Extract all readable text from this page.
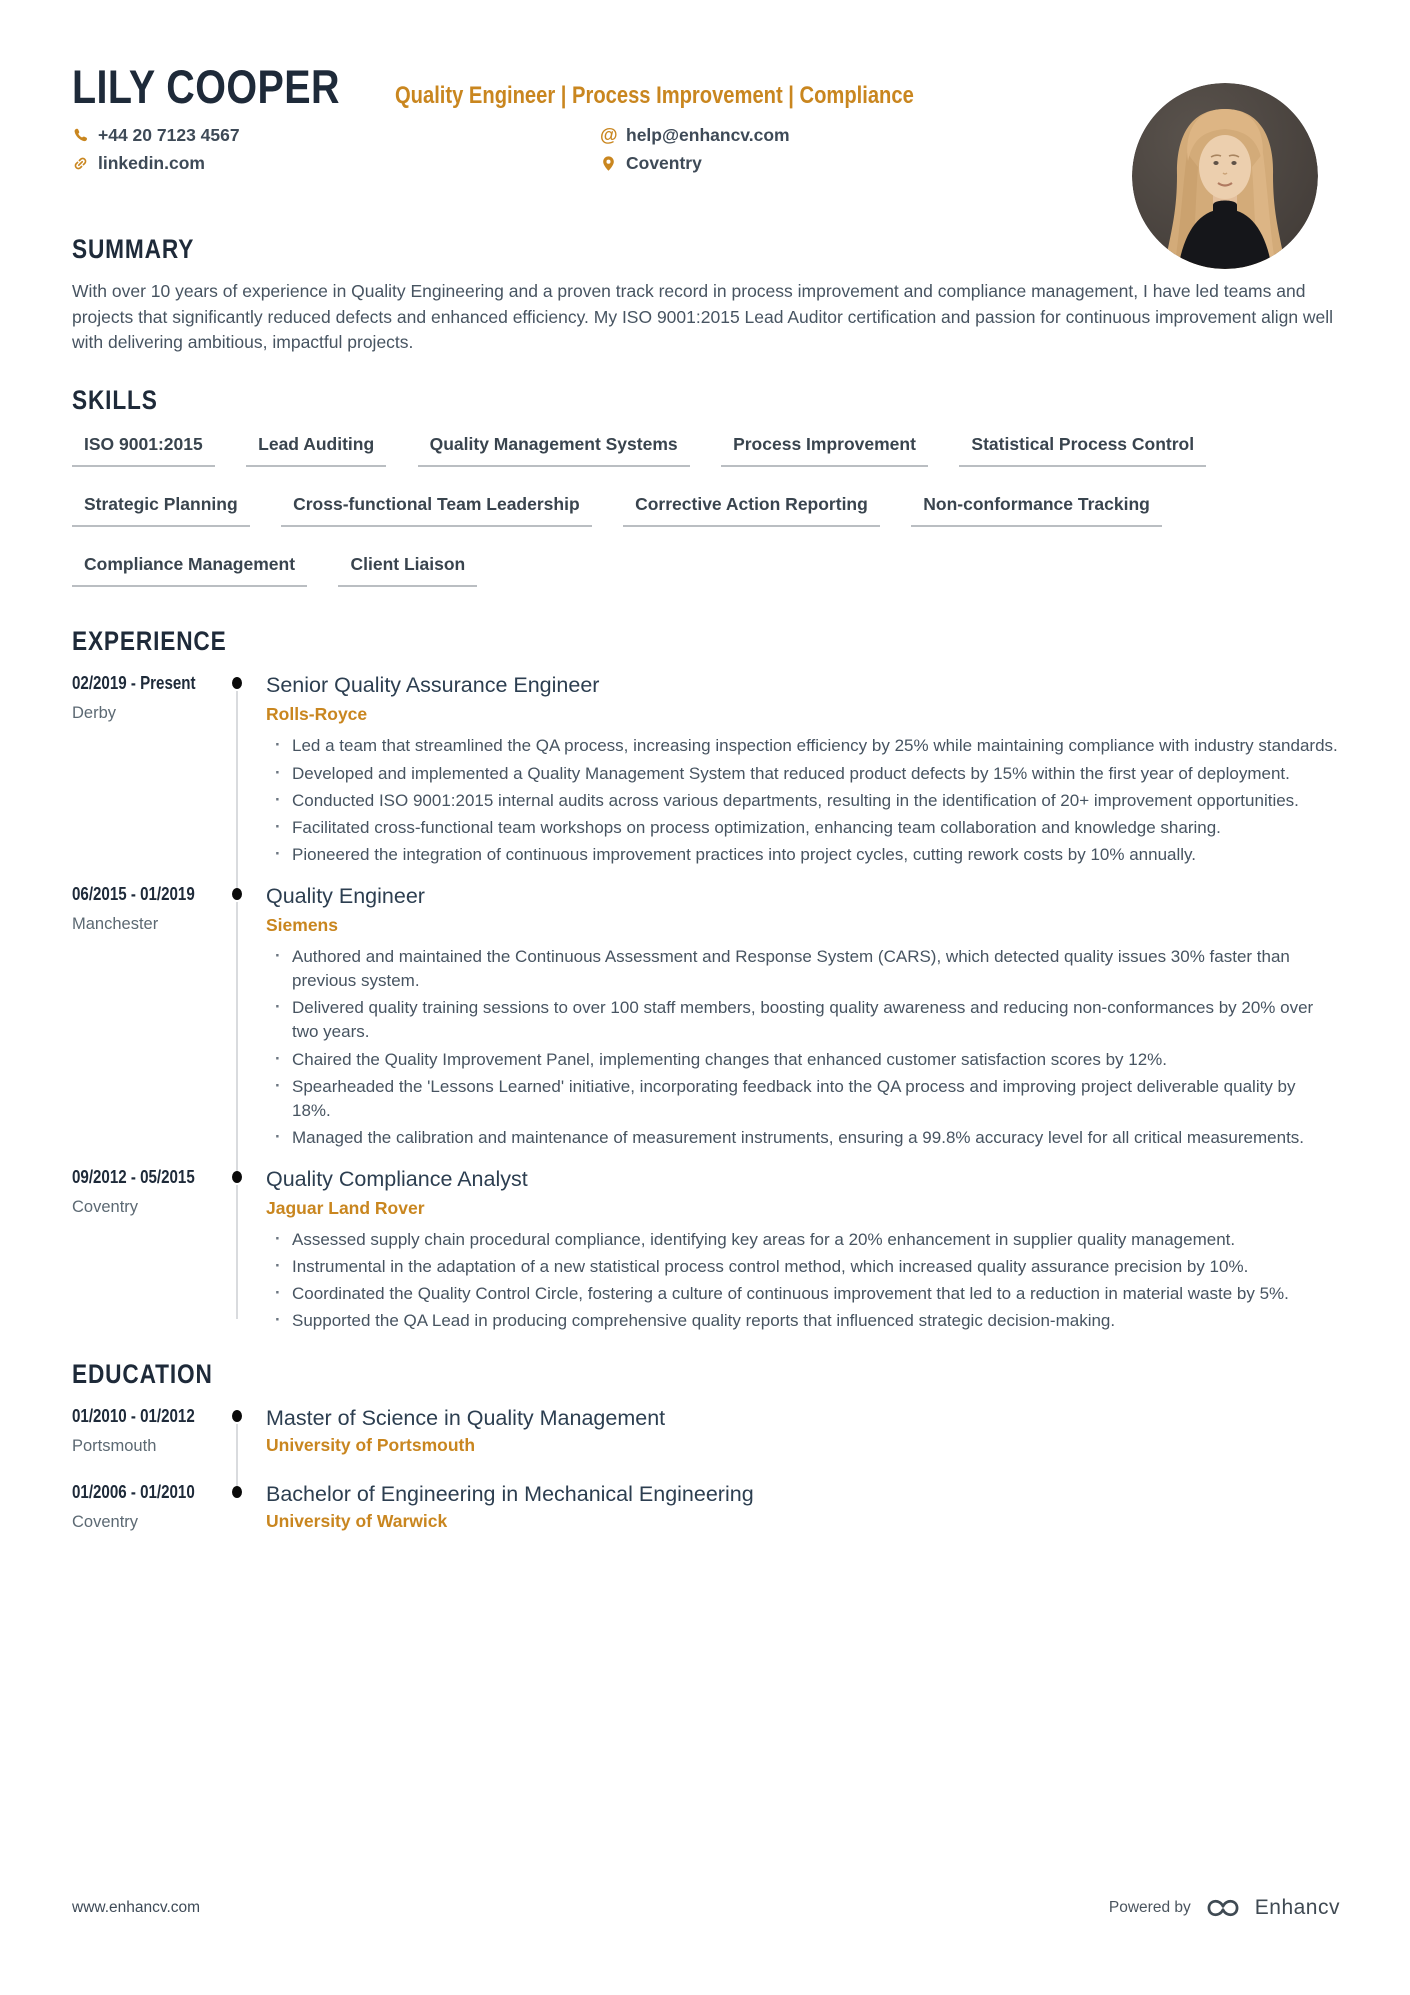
LILY COOPER Quality Engineer | Process Improvement | Compliance
+44 20 7123 4567	@ help@enhancv.com
linkedin.com	Coventry
SUMMARY

With over 10 years of experience in Quality Engineering and a proven track record in process improvement and compliance management, I have led teams and projects that significantly reduced defects and enhanced efficiency. My ISO 9001:2015 Lead Auditor certification and passion for continuous improvement align well with delivering ambitious, impactful projects.

SKILLS
ISO 9001:2015	Lead Auditing	Quality Management Systems	Process Improvement	Statistical Process Control Strategic Planning	Cross-functional Team Leadership	Corrective Action Reporting	Non-conformance Tracking Compliance Management	Client Liaison
EXPERIENCE
02/2019 - Present
Derby
Senior Quality Assurance Engineer
Rolls-Royce
· Led a team that streamlined the QA process, increasing inspection efficiency by 25% while maintaining compliance with industry standards.
· Developed and implemented a Quality Management System that reduced product defects by 15% within the first year of deployment.
· Conducted ISO 9001:2015 internal audits across various departments, resulting in the identification of 20+ improvement opportunities.
· Facilitated cross-functional team workshops on process optimization, enhancing team collaboration and knowledge sharing.
· Pioneered the integration of continuous improvement practices into project cycles, cutting rework costs by 10% annually.
06/2015 - 01/2019
Manchester
Quality Engineer
Siemens
· Authored and maintained the Continuous Assessment and Response System (CARS), which detected quality issues 30% faster than previous system.
· Delivered quality training sessions to over 100 staff members, boosting quality awareness and reducing non-conformances by 20% over two years.
· Chaired the Quality Improvement Panel, implementing changes that enhanced customer satisfaction scores by 12%.
· Spearheaded the 'Lessons Learned' initiative, incorporating feedback into the QA process and improving project deliverable quality by 18%.
· Managed the calibration and maintenance of measurement instruments, ensuring a 99.8% accuracy level for all critical measurements.
09/2012 - 05/2015
Coventry
Quality Compliance Analyst
Jaguar Land Rover
· Assessed supply chain procedural compliance, identifying key areas for a 20% enhancement in supplier quality management.
· Instrumental in the adaptation of a new statistical process control method, which increased quality assurance precision by 10%.
· Coordinated the Quality Control Circle, fostering a culture of continuous improvement that led to a reduction in material waste by 5%.
· Supported the QA Lead in producing comprehensive quality reports that influenced strategic decision-making.
EDUCATION
01/2010 - 01/2012
Portsmouth
Master of Science in Quality Management
University of Portsmouth
01/2006 - 01/2010
Coventry
Bachelor of Engineering in Mechanical Engineering
University of Warwick
www.enhancv.com	Powered by	Enhancv
